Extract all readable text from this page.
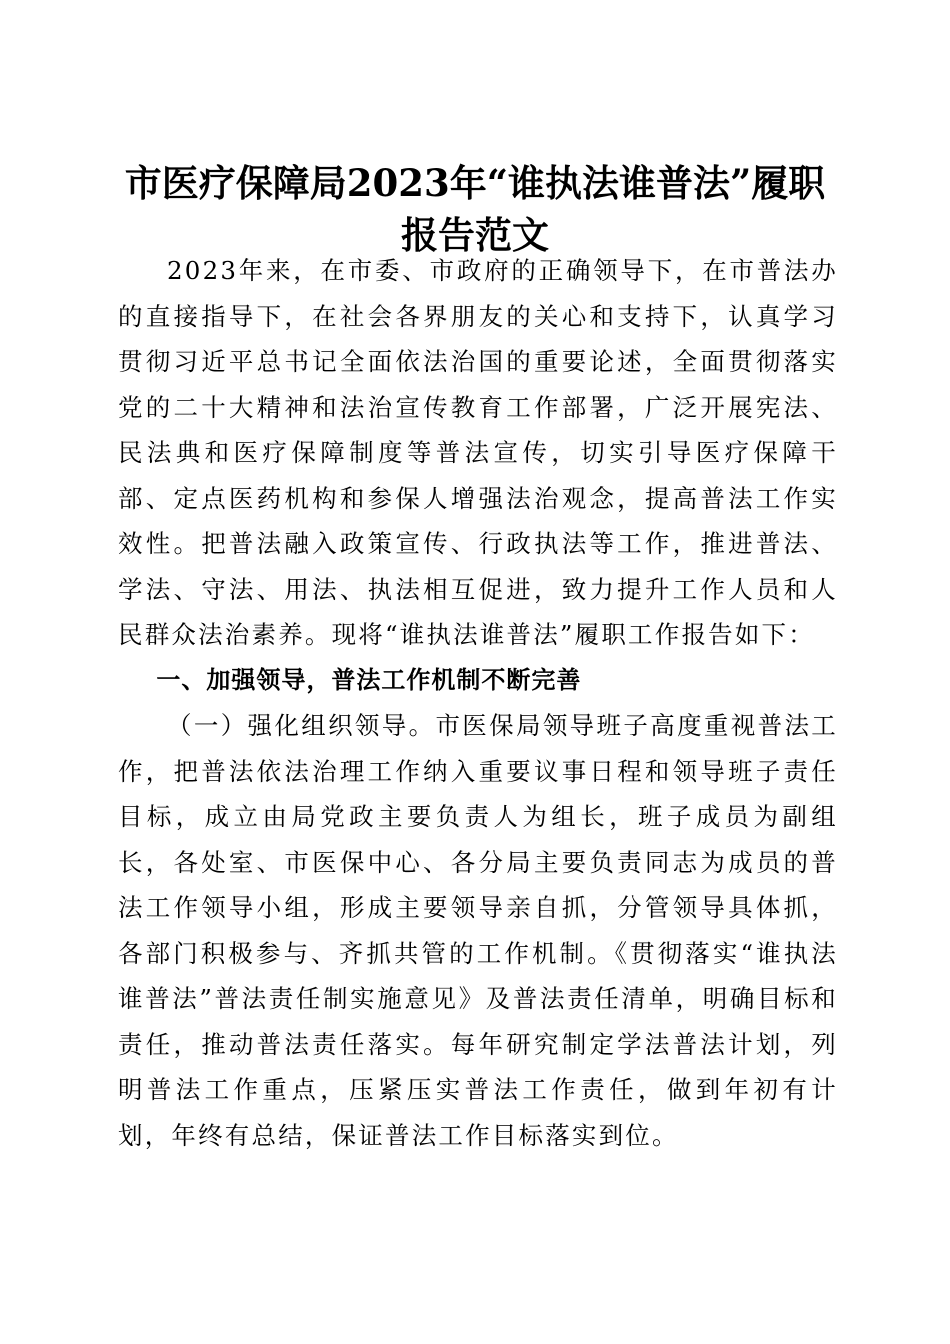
市医疗保障局2023年“谁执法谁普法”履职
报告范文

2023年来，在市委、市政府的正确领导下，在市普法办的直接指导下，在社会各界朋友的关心和支持下，认真学习贯彻习近平总书记全面依法治国的重要论述，全面贯彻落实党的二十大精神和法治宣传教育工作部署，广泛开展宪法、民法典和医疗保障制度等普法宣传，切实引导医疗保障干部、定点医药机构和参保人增强法治观念，提高普法工作实效性。把普法融入政策宣传、行政执法等工作，推进普法、学法、守法、用法、执法相互促进，致力提升工作人员和人民群众法治素养。现将“谁执法谁普法”履职工作报告如下：

一、加强领导，普法工作机制不断完善

（一）强化组织领导。市医保局领导班子高度重视普法工作，把普法依法治理工作纳入重要议事日程和领导班子责任目标，成立由局党政主要负责人为组长，班子成员为副组长，各处室、市医保中心、各分局主要负责同志为成员的普法工作领导小组，形成主要领导亲自抓，分管领导具体抓，各部门积极参与、齐抓共管的工作机制。《贯彻落实“谁执法谁普法”普法责任制实施意见》及普法责任清单，明确目标和责任，推动普法责任落实。每年研究制定学法普法计划，列明普法工作重点，压紧压实普法工作责任，做到年初有计划，年终有总结，保证普法工作目标落实到位。
